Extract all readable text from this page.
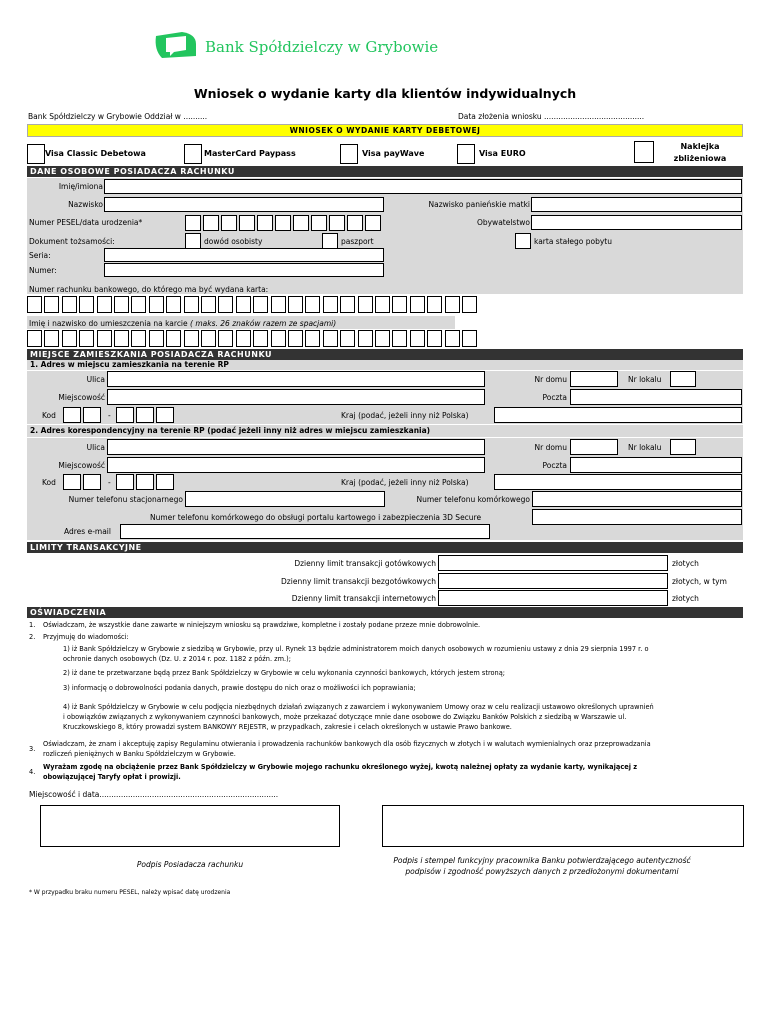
Bank Spółdzielczy w Grybowie
Wniosek o wydanie karty dla klientów indywidualnych
Bank Spółdzielczy w Grybowie Oddział w ..........	Data złożenia wniosku ..........................................
WNIOSEK O WYDANIE KARTY DEBETOWEJ
Visa Classic Debetowa	MasterCard Paypass	Visa payWave	Visa EURO
Naklejka
zbliżeniowa
DANE OSOBOWE POSIADACZA RACHUNKU
Imię/imiona
Nazwisko	Nazwisko panieńskie matki
Numer PESEL/data urodzenia*	Obywatelstwo
Dokument tożsamości:	dowód osobisty	paszport	karta stałego pobytu
Seria:
Numer:
Numer rachunku bankowego, do którego ma być wydana karta:
Imię i nazwisko do umieszczenia na karcie ( maks. 26 znaków razem ze spacjami)
MIEJSCE ZAMIESZKANIA POSIADACZA RACHUNKU
1. Adres w miejscu zamieszkania na terenie RP
Ulica	Nr domu	Nr lokalu
Miejscowość	Poczta
Kod	-	Kraj (podać, jeżeli inny niż Polska)
2. Adres korespondencyjny na terenie RP (podać jeżeli inny niż adres w miejscu zamieszkania)
Ulica	Nr domu	Nr lokalu
Miejscowość	Poczta
Kod	-	Kraj (podać, jeżeli inny niż Polska)
Numer telefonu stacjonarnego	Numer telefonu komórkowego
Numer telefonu komórkowego do obsługi portalu kartowego i zabezpieczenia 3D Secure
Adres e-mail
LIMITY TRANSAKCYJNE
Dzienny limit transakcji gotówkowych	złotych
Dzienny limit transakcji bezgotówkowych	złotych, w tym
Dzienny limit transakcji internetowych	złotych
OŚWIADCZENIA
1. Oświadczam, że wszystkie dane zawarte w niniejszym wniosku są prawdziwe, kompletne i zostały podane przeze mnie dobrowolnie.
2. Przyjmuję do wiadomości:
1) iż Bank Spółdzielczy w Grybowie z siedzibą w Grybowie, przy ul. Rynek 13 będzie administratorem moich danych osobowych w rozumieniu ustawy z dnia 29 sierpnia 1997 r. o
ochronie danych osobowych (Dz. U. z 2014 r. poz. 1182 z późn. zm.);
2) iż dane te przetwarzane będą przez Bank Spółdzielczy w Grybowie w celu wykonania czynności bankowych, których jestem stroną;
3) informację o dobrowolności podania danych, prawie dostępu do nich oraz o możliwości ich poprawiania;
4) iż Bank Spółdzielczy w Grybowie w celu podjęcia niezbędnych działań związanych z zawarciem i wykonywaniem Umowy oraz w celu realizacji ustawowo określonych uprawnień
i obowiązków związanych z wykonywaniem czynności bankowych, może przekazać dotyczące mnie dane osobowe do Związku Banków Polskich z siedzibą w Warszawie ul.
Kruczkowskiego 8, który prowadzi system BANKOWY REJESTR, w przypadkach, zakresie i celach określonych w ustawie Prawo bankowe.
3.
Oświadczam, że znam i akceptuję zapisy Regulaminu otwierania i prowadzenia rachunków bankowych dla osób fizycznych w złotych i w walutach wymienialnych oraz przeprowadzania
rozliczeń pieniężnych w Banku Spółdzielczym w Grybowie.
4.
Wyrażam zgodę na obciążenie przez Bank Spółdzielczy w Grybowie mojego rachunku określonego wyżej, kwotą należnej opłaty za wydanie karty, wynikającej z
obowiązującej Taryfy opłat i prowizji.
Miejscowość i data...........................................................................
Podpis Posiadacza rachunku	Podpis i stempel funkcyjny pracownika Banku potwierdzającego autentyczność
podpisów i zgodność powyższych danych z przedłożonymi dokumentami
* W przypadku braku numeru PESEL, należy wpisać datę urodzenia
